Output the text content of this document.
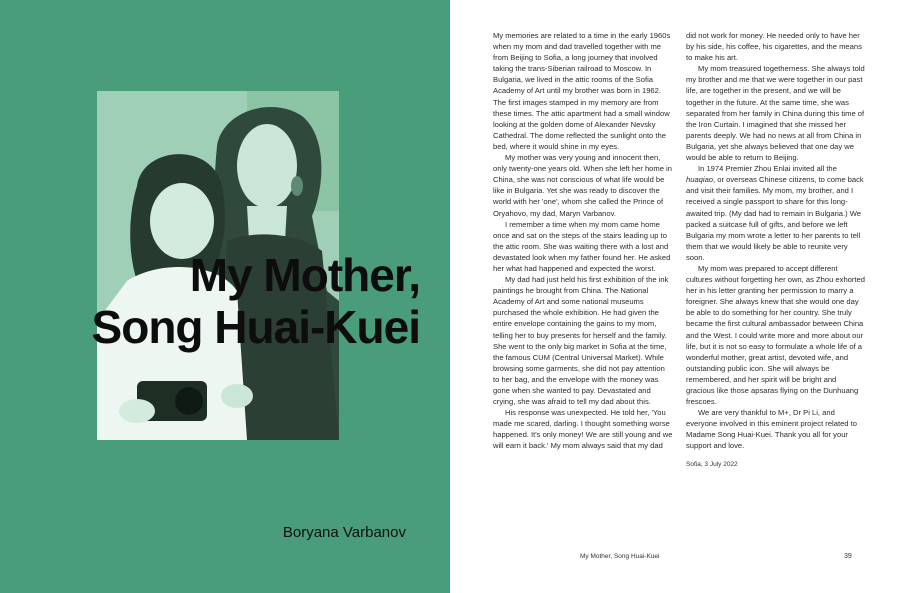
My Mother,
Song Huai-Kuei
Boryana Varbanov

My memories are related to a time in the early 1960s when my mom and dad travelled together with me from Beijing to Sofia, a long journey that involved taking the trans-Siberian railroad to Moscow. In Bulgaria, we lived in the attic rooms of the Sofia Academy of Art until my brother was born in 1962. The first images stamped in my memory are from these times. The attic apartment had a small window looking at the golden dome of Alexander Nevsky Cathedral. The dome reflected the sunlight onto the bed, where it would shine in my eyes.

My mother was very young and innocent then, only twenty-one years old. When she left her home in China, she was not conscious of what life would be like in Bulgaria. Yet she was ready to discover the world with her 'one', whom she called the Prince of Oryahovo, my dad, Maryn Varbanov.

I remember a time when my mom came home once and sat on the steps of the stairs leading up to the attic room. She was waiting there with a lost and devastated look when my father found her. He asked her what had happened and expected the worst.

My dad had just held his first exhibition of the ink paintings he brought from China. The National Academy of Art and some national museums purchased the whole exhibition. He had given the entire envelope containing the gains to my mom, telling her to buy presents for herself and the family. She went to the only big market in Sofia at the time, the famous CUM (Central Universal Market). While browsing some garments, she did not pay attention to her bag, and the envelope with the money was gone when she wanted to pay. Devastated and crying, she was afraid to tell my dad about this.

His response was unexpected. He told her, 'You made me scared, darling. I thought something worse happened. It's only money! We are still young and we will earn it back.' My mom always said that my dad

did not work for money. He needed only to have her by his side, his coffee, his cigarettes, and the means to make his art.

My mom treasured togetherness. She always told my brother and me that we were together in our past life, are together in the present, and we will be together in the future. At the same time, she was separated from her family in China during this time of the Iron Curtain. I imagined that she missed her parents deeply. We had no news at all from China in Bulgaria, yet she always believed that one day we would be able to return to Beijing.

In 1974 Premier Zhou Enlai invited all the huaqiao, or overseas Chinese citizens, to come back and visit their families. My mom, my brother, and I received a single passport to share for this long-awaited trip. (My dad had to remain in Bulgaria.) We packed a suitcase full of gifts, and before we left Bulgaria my mom wrote a letter to her parents to tell them that we would likely be able to reunite very soon.

My mom was prepared to accept different cultures without forgetting her own, as Zhou exhorted her in his letter granting her permission to marry a foreigner. She always knew that she would one day be able to do something for her country. She truly became the first cultural ambassador between China and the West. I could write more and more about our life, but it is not so easy to formulate a whole life of a wonderful mother, great artist, devoted wife, and outstanding public icon. She will always be remembered, and her spirit will be bright and gracious like those apsaras flying on the Dunhuang frescoes.

We are very thankful to M+, Dr Pi Li, and everyone involved in this eminent project related to Madame Song Huai-Kuei. Thank you all for your support and love.

Sofia, 3 July 2022

My Mother, Song Huai-Kuei	39
